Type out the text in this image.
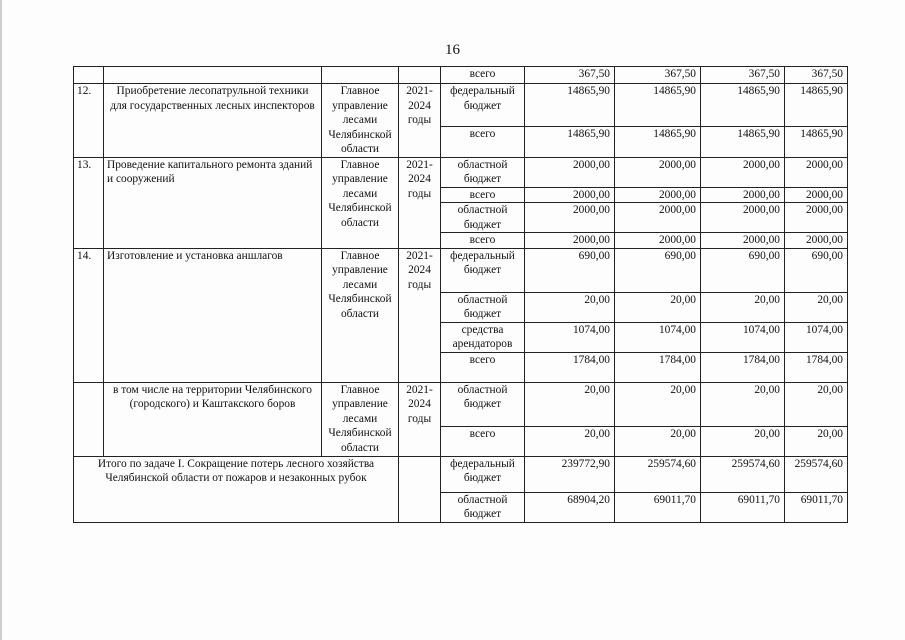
16
				всего	367,50	367,50	367,50	367,50
12.	Приобретение лесопатрульной техники для государственных лесных инспекторов	Главное управление лесами Челябинской области	2021-2024 годы	федеральный бюджет	14865,90	14865,90	14865,90	14865,90
				всего	14865,90	14865,90	14865,90	14865,90
13.	Проведение капитального ремонта зданий и сооружений	Главное управление лесами Челябинской области	2021-2024 годы	областной бюджет	2000,00	2000,00	2000,00	2000,00
				всего	2000,00	2000,00	2000,00	2000,00
				областной бюджет	2000,00	2000,00	2000,00	2000,00
				всего	2000,00	2000,00	2000,00	2000,00
14.	Изготовление и установка аншлагов	Главное управление лесами Челябинской области	2021-2024 годы	федеральный бюджет	690,00	690,00	690,00	690,00
				областной бюджет	20,00	20,00	20,00	20,00
				средства арендаторов	1074,00	1074,00	1074,00	1074,00
				всего	1784,00	1784,00	1784,00	1784,00
	в том числе на территории Челябинского (городского) и Каштакского боров	Главное управление лесами Челябинской области	2021-2024 годы	областной бюджет	20,00	20,00	20,00	20,00
				всего	20,00	20,00	20,00	20,00
Итого по задаче I. Сокращение потерь лесного хозяйства Челябинской области от пожаров и незаконных рубок				федеральный бюджет	239772,90	259574,60	259574,60	259574,60
				областной бюджет	68904,20	69011,70	69011,70	69011,70
